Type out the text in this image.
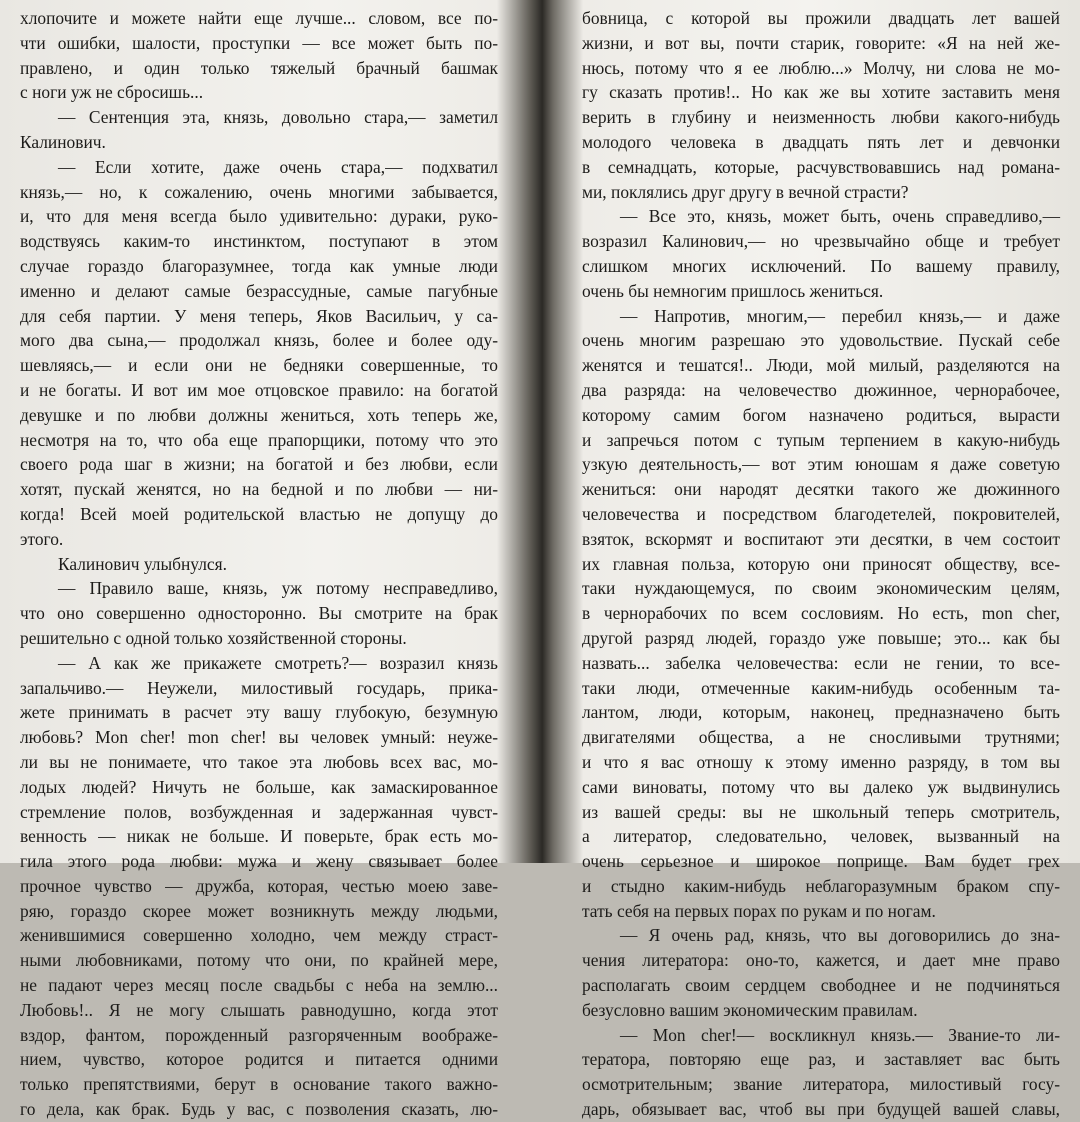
хлопочите и можете найти еще лучше... словом, все по-
чти ошибки, шалости, проступки — все может быть по-
правлено, и один только тяжелый брачный башмак
с ноги уж не сбросишь...
— Сентенция эта, князь, довольно стара,— заметил
Калинович.
— Если хотите, даже очень стара,— подхватил
князь,— но, к сожалению, очень многими забывается,
и, что для меня всегда было удивительно: дураки, руко-
водствуясь каким-то инстинктом, поступают в этом
случае гораздо благоразумнее, тогда как умные люди
именно и делают самые безрассудные, самые пагубные
для себя партии. У меня теперь, Яков Васильич, у са-
мого два сына,— продолжал князь, более и более оду-
шевляясь,— и если они не бедняки совершенные, то
и не богаты. И вот им мое отцовское правило: на богатой
девушке и по любви должны жениться, хоть теперь же,
несмотря на то, что оба еще прапорщики, потому что это
своего рода шаг в жизни; на богатой и без любви, если
хотят, пускай женятся, но на бедной и по любви — ни-
когда! Всей моей родительской властью не допущу до
этого.
Калинович улыбнулся.
— Правило ваше, князь, уж потому несправедливо,
что оно совершенно односторонно. Вы смотрите на брак
решительно с одной только хозяйственной стороны.
— А как же прикажете смотреть?— возразил князь
запальчиво.— Неужели, милостивый государь, прика-
жете принимать в расчет эту вашу глубокую, безумную
любовь? Mon cher! mon cher! вы человек умный: неуже-
ли вы не понимаете, что такое эта любовь всех вас, мо-
лодых людей? Ничуть не больше, как замаскированное
стремление полов, возбужденная и задержанная чувст-
венность — никак не больше. И поверьте, брак есть мо-
гила этого рода любви: мужа и жену связывает более
прочное чувство — дружба, которая, честью моею заве-
ряю, гораздо скорее может возникнуть между людьми,
женившимися совершенно холодно, чем между страст-
ными любовниками, потому что они, по крайней мере,
не падают через месяц после свадьбы с неба на землю...
Любовь!.. Я не могу слышать равнодушно, когда этот
вздор, фантом, порожденный разгоряченным воображе-
нием, чувство, которое родится и питается одними
только препятствиями, берут в основание такого важно-
го дела, как брак. Будь у вас, с позволения сказать, лю-
бовница, с которой вы прожили двадцать лет вашей
жизни, и вот вы, почти старик, говорите: «Я на ней же-
нюсь, потому что я ее люблю...» Молчу, ни слова не мо-
гу сказать против!.. Но как же вы хотите заставить меня
верить в глубину и неизменность любви какого-нибудь
молодого человека в двадцать пять лет и девчонки
в семнадцать, которые, расчувствовавшись над романа-
ми, поклялись друг другу в вечной страсти?
— Все это, князь, может быть, очень справедливо,—
возразил Калинович,— но чрезвычайно обще и требует
слишком многих исключений. По вашему правилу,
очень бы немногим пришлось жениться.
— Напротив, многим,— перебил князь,— и даже
очень многим разрешаю это удовольствие. Пускай себе
женятся и тешатся!.. Люди, мой милый, разделяются на
два разряда: на человечество дюжинное, чернорабочее,
которому самим богом назначено родиться, вырасти
и запречься потом с тупым терпением в какую-нибудь
узкую деятельность,— вот этим юношам я даже советую
жениться: они народят десятки такого же дюжинного
человечества и посредством благодетелей, покровителей,
взяток, вскормят и воспитают эти десятки, в чем состоит
их главная польза, которую они приносят обществу, все-
таки нуждающемуся, по своим экономическим целям,
в чернорабочих по всем сословиям. Но есть, mon cher,
другой разряд людей, гораздо уже повыше; это... как бы
назвать... забелка человечества: если не гении, то все-
таки люди, отмеченные каким-нибудь особенным та-
лантом, люди, которым, наконец, предназначено быть
двигателями общества, а не сносливыми трутнями;
и что я вас отношу к этому именно разряду, в том вы
сами виноваты, потому что вы далеко уж выдвинулись
из вашей среды: вы не школьный теперь смотритель,
а литератор, следовательно, человек, вызванный на
очень серьезное и широкое поприще. Вам будет грех
и стыдно каким-нибудь неблагоразумным браком спу-
тать себя на первых порах по рукам и по ногам.
— Я очень рад, князь, что вы договорились до зна-
чения литератора: оно-то, кажется, и дает мне право
располагать своим сердцем свободнее и не подчиняться
безусловно вашим экономическим правилам.
— Mon cher!— воскликнул князь.— Звание-то ли-
тератора, повторяю еще раз, и заставляет вас быть
осмотрительным; звание литератора, милостивый госу-
дарь, обязывает вас, чтоб вы при будущей вашей славы,
